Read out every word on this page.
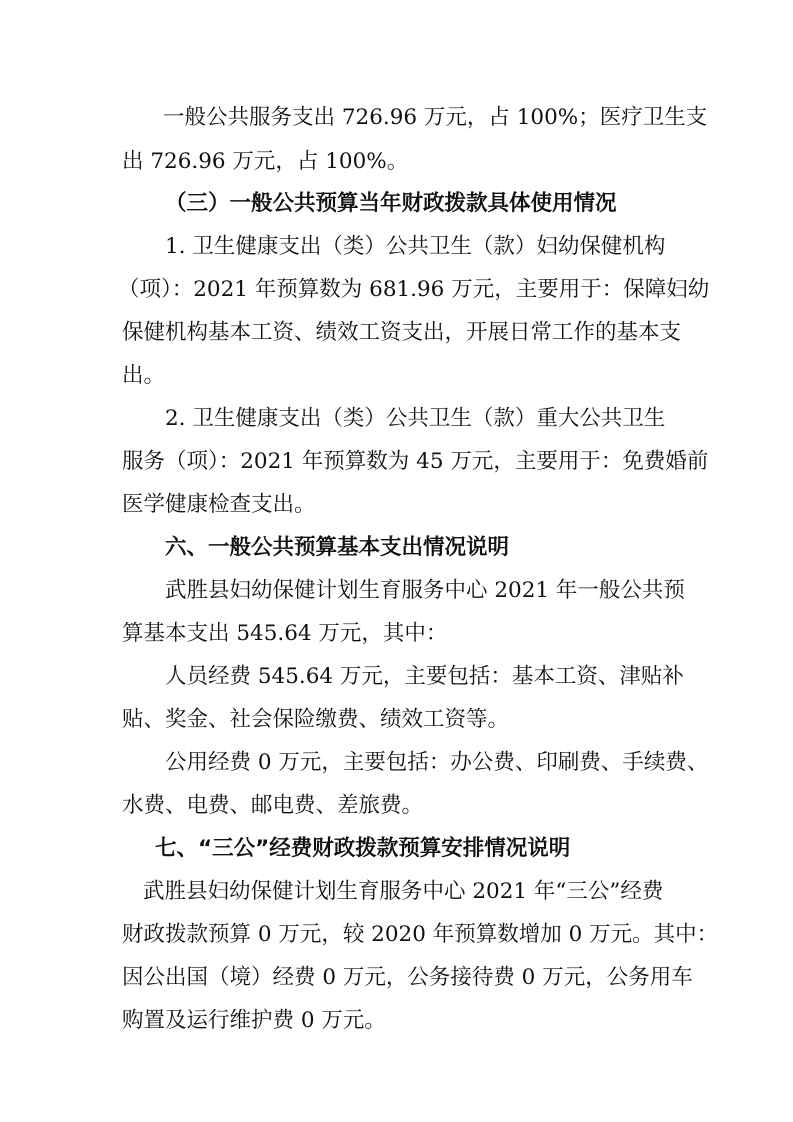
一般公共服务支出 726.96 万元，占 100%；医疗卫生支
出 726.96 万元，占 100%。
（三）一般公共预算当年财政拨款具体使用情况
1. 卫生健康支出（类）公共卫生（款）妇幼保健机构
（项）：2021 年预算数为 681.96 万元，主要用于：保障妇幼
保健机构基本工资、绩效工资支出，开展日常工作的基本支
出。
2. 卫生健康支出（类）公共卫生（款）重大公共卫生
服务（项）：2021 年预算数为 45 万元，主要用于：免费婚前
医学健康检查支出。
六、一般公共预算基本支出情况说明
武胜县妇幼保健计划生育服务中心 2021 年一般公共预
算基本支出 545.64 万元，其中：
人员经费 545.64 万元，主要包括：基本工资、津贴补
贴、奖金、社会保险缴费、绩效工资等。
公用经费 0 万元，主要包括：办公费、印刷费、手续费、
水费、电费、邮电费、差旅费。
七、“三公”经费财政拨款预算安排情况说明
武胜县妇幼保健计划生育服务中心 2021 年“三公”经费
财政拨款预算 0 万元，较 2020 年预算数增加 0 万元。其中：
因公出国（境）经费 0 万元，公务接待费 0 万元，公务用车
购置及运行维护费 0 万元。
